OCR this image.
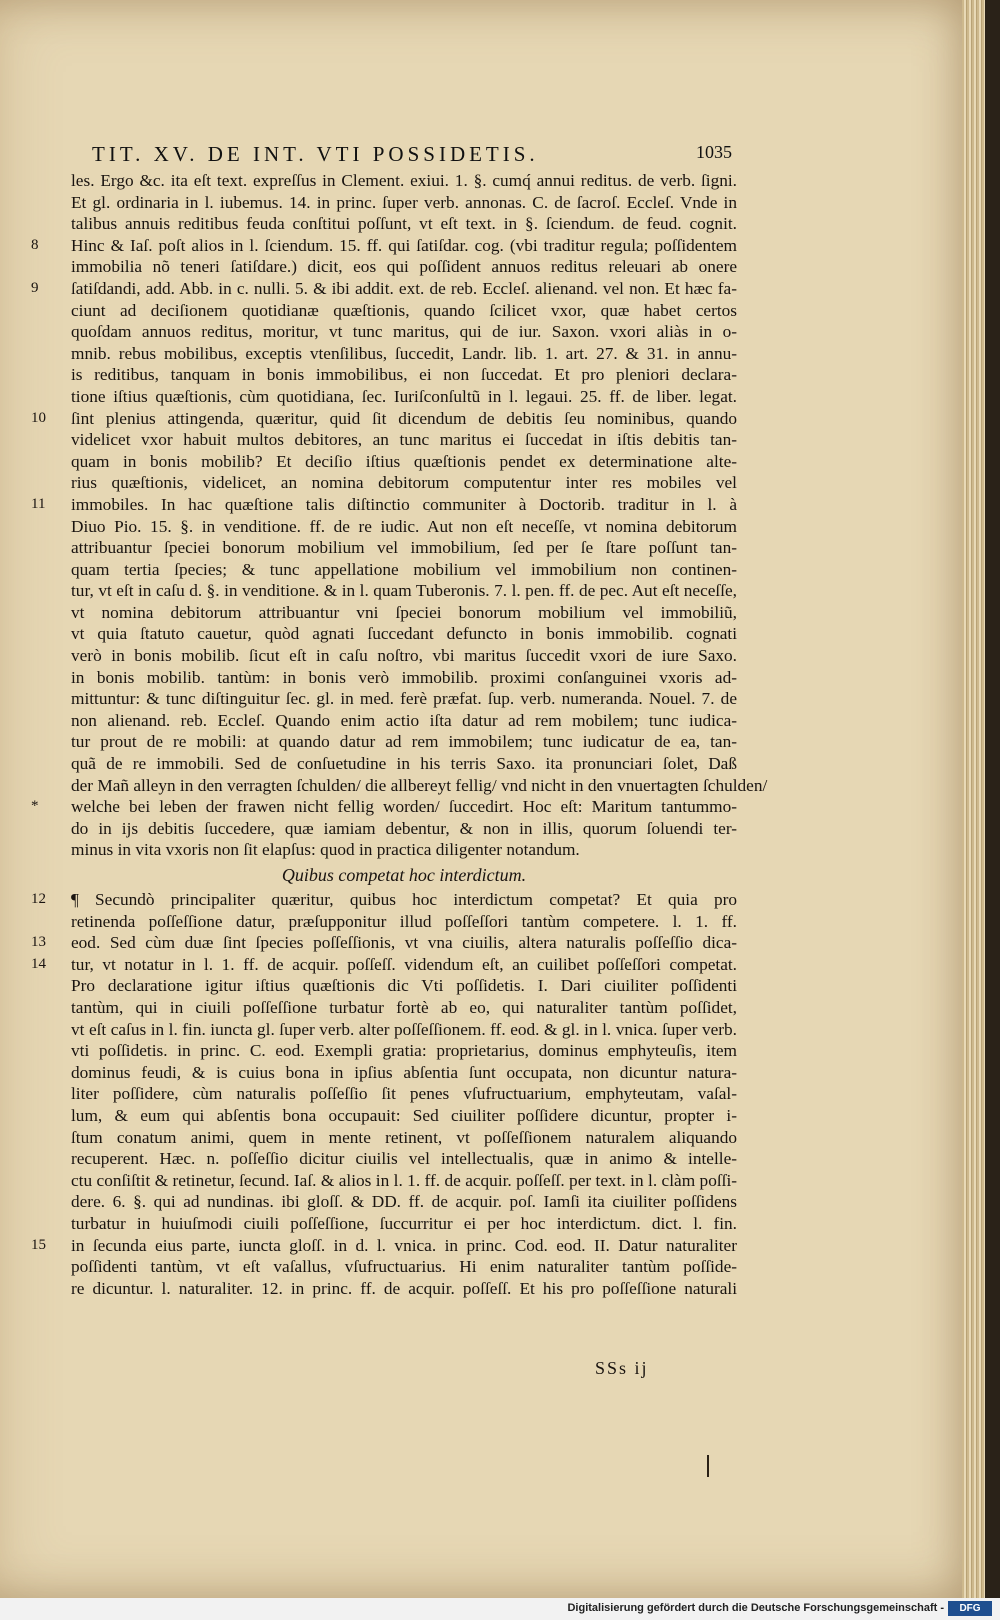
TIT. XV. DE INT. VTI POSSIDETIS.	1035
les. Ergo &c. ita eſt text. expreſſus in Clement. exiui. 1. §. cumq́ annui reditus. de verb. ſigni.
Et gl. ordinaria in l. iubemus. 14. in princ. ſuper verb. annonas. C. de ſacroſ. Eccleſ. Vnde in
talibus annuis reditibus feuda conſtitui poſſunt, vt eſt text. in §. ſciendum. de feud. cognit.
8	Hinc & Iaſ. poſt alios in l. ſciendum. 15. ff. qui ſatiſdar. cog. (vbi traditur regula; poſſidentem
immobilia nõ teneri ſatiſdare.) dicit, eos qui poſſident annuos reditus releuari ab onere
9	ſatiſdandi, add. Abb. in c. nulli. 5. & ibi addit. ext. de reb. Eccleſ. alienand. vel non. Et hæc fa-
ciunt ad deciſionem quotidianæ quæſtionis, quando ſcilicet vxor, quæ habet certos
quoſdam annuos reditus, moritur, vt tunc maritus, qui de iur. Saxon. vxori aliàs in o-
mnib. rebus mobilibus, exceptis vtenſilibus, ſuccedit, Landr. lib. 1. art. 27. & 31. in annu-
is reditibus, tanquam in bonis immobilibus, ei non ſuccedat. Et pro pleniori declara-
tione iſtius quæſtionis, cùm quotidiana, ſec. Iuriſconſultũ in l. legaui. 25. ff. de liber. legat.
10	ſint plenius attingenda, quæritur, quid ſit dicendum de debitis ſeu nominibus, quando
videlicet vxor habuit multos debitores, an tunc maritus ei ſuccedat in iſtis debitis tan-
quam in bonis mobilib? Et deciſio iſtius quæſtionis pendet ex determinatione alte-
rius quæſtionis, videlicet, an nomina debitorum computentur inter res mobiles vel
11	immobiles. In hac quæſtione talis diſtinctio communiter à Doctorib. traditur in l. à
Diuo Pio. 15. §. in venditione. ff. de re iudic. Aut non eſt neceſſe, vt nomina debitorum
attribuantur ſpeciei bonorum mobilium vel immobilium, ſed per ſe ſtare poſſunt tan-
quam tertia ſpecies; & tunc appellatione mobilium vel immobilium non continen-
tur, vt eſt in caſu d. §. in venditione. & in l. quam Tuberonis. 7. l. pen. ff. de pec. Aut eſt neceſſe,
vt nomina debitorum attribuantur vni ſpeciei bonorum mobilium vel immobiliũ,
vt quia ſtatuto cauetur, quòd agnati ſuccedant defuncto in bonis immobilib. cognati
verò in bonis mobilib. ſicut eſt in caſu noſtro, vbi maritus ſuccedit vxori de iure Saxo.
in bonis mobilib. tantùm: in bonis verò immobilib. proximi conſanguinei vxoris ad-
mittuntur: & tunc diſtinguitur ſec. gl. in med. ferè præfat. ſup. verb. numeranda. Nouel. 7. de
non alienand. reb. Eccleſ. Quando enim actio iſta datur ad rem mobilem; tunc iudica-
tur prout de re mobili: at quando datur ad rem immobilem; tunc iudicatur de ea, tan-
quã de re immobili. Sed de conſuetudine in his terris Saxo. ita pronunciari ſolet, Daß
der Mañ alleyn in den verragten ſchulden/ die allbereyt fellig/ vnd nicht in den vnuertagten ſchulden/
*	welche bei leben der frawen nicht fellig worden/ ſuccedirt. Hoc eſt: Maritum tantummo-
do in ijs debitis ſuccedere, quæ iamiam debentur, & non in illis, quorum ſoluendi ter-
minus in vita vxoris non ſit elapſus: quod in practica diligenter notandum.
Quibus competat hoc interdictum.
12	¶ Secundò principaliter quæritur, quibus hoc interdictum competat? Et quia pro
retinenda poſſeſſione datur, præſupponitur illud poſſeſſori tantùm competere. l. 1. ff.
13	eod. Sed cùm duæ ſint ſpecies poſſeſſionis, vt vna ciuilis, altera naturalis poſſeſſio dica-
14	tur, vt notatur in l. 1. ff. de acquir. poſſeſſ. videndum eſt, an cuilibet poſſeſſori competat.
Pro declaratione igitur iſtius quæſtionis dic Vti poſſidetis. I. Dari ciuiliter poſſidenti
tantùm, qui in ciuili poſſeſſione turbatur fortè ab eo, qui naturaliter tantùm poſſidet,
vt eſt caſus in l. fin. iuncta gl. ſuper verb. alter poſſeſſionem. ff. eod. & gl. in l. vnica. ſuper verb.
vti poſſidetis. in princ. C. eod. Exempli gratia: proprietarius, dominus emphyteuſis, item
dominus feudi, & is cuius bona in ipſius abſentia ſunt occupata, non dicuntur natura-
liter poſſidere, cùm naturalis poſſeſſio ſit penes vſufructuarium, emphyteutam, vaſal-
lum, & eum qui abſentis bona occupauit: Sed ciuiliter poſſidere dicuntur, propter i-
ſtum conatum animi, quem in mente retinent, vt poſſeſſionem naturalem aliquando
recuperent. Hæc. n. poſſeſſio dicitur ciuilis vel intellectualis, quæ in animo & intelle-
ctu conſiſtit & retinetur, ſecund. Iaſ. & alios in l. 1. ff. de acquir. poſſeſſ. per text. in l. clàm poſſi-
dere. 6. §. qui ad nundinas. ibi gloſſ. & DD. ff. de acquir. poſ. Iamſi ita ciuiliter poſſidens
turbatur in huiuſmodi ciuili poſſeſſione, ſuccurritur ei per hoc interdictum. dict. l. fin.
15	in ſecunda eius parte, iuncta gloſſ. in d. l. vnica. in princ. Cod. eod. II. Datur naturaliter
poſſidenti tantùm, vt eſt vaſallus, vſufructuarius. Hi enim naturaliter tantùm poſſide-
re dicuntur. l. naturaliter. 12. in princ. ff. de acquir. poſſeſſ. Et his pro poſſeſſione naturali
SSs ij
Digitalisierung gefördert durch die Deutsche Forschungsgemeinschaft -	DFG
